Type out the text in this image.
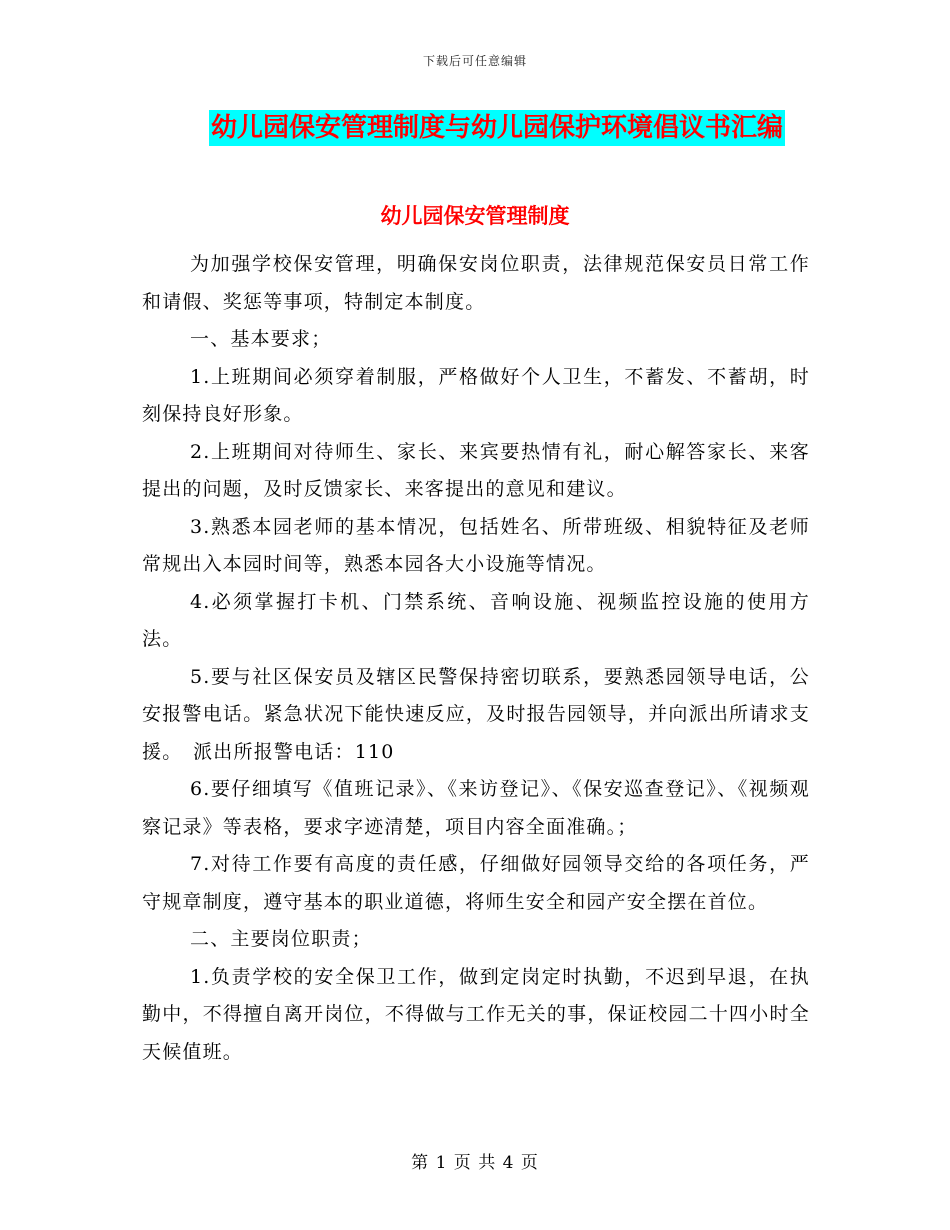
下载后可任意编辑
幼儿园保安管理制度与幼儿园保护环境倡议书汇编
幼儿园保安管理制度

为加强学校保安管理，明确保安岗位职责，法律规范保安员日常工作和请假、奖惩等事项，特制定本制度。

一、基本要求；

1.上班期间必须穿着制服，严格做好个人卫生，不蓄发、不蓄胡，时刻保持良好形象。

2.上班期间对待师生、家长、来宾要热情有礼，耐心解答家长、来客提出的问题，及时反馈家长、来客提出的意见和建议。

3.熟悉本园老师的基本情况，包括姓名、所带班级、相貌特征及老师常规出入本园时间等，熟悉本园各大小设施等情况。

4.必须掌握打卡机、门禁系统、音响设施、视频监控设施的使用方法。

5.要与社区保安员及辖区民警保持密切联系，要熟悉园领导电话，公安报警电话。紧急状况下能快速反应，及时报告园领导，并向派出所请求支援。　派出所报警电话：110

6.要仔细填写《值班记录》、《来访登记》、《保安巡查登记》、《视频观察记录》等表格，要求字迹清楚，项目内容全面准确。；

7.对待工作要有高度的责任感，仔细做好园领导交给的各项任务，严守规章制度，遵守基本的职业道德，将师生安全和园产安全摆在首位。

二、主要岗位职责；

1.负责学校的安全保卫工作，做到定岗定时执勤，不迟到早退，在执勤中，不得擅自离开岗位，不得做与工作无关的事，保证校园二十四小时全天候值班。

第 1 页 共 4 页
